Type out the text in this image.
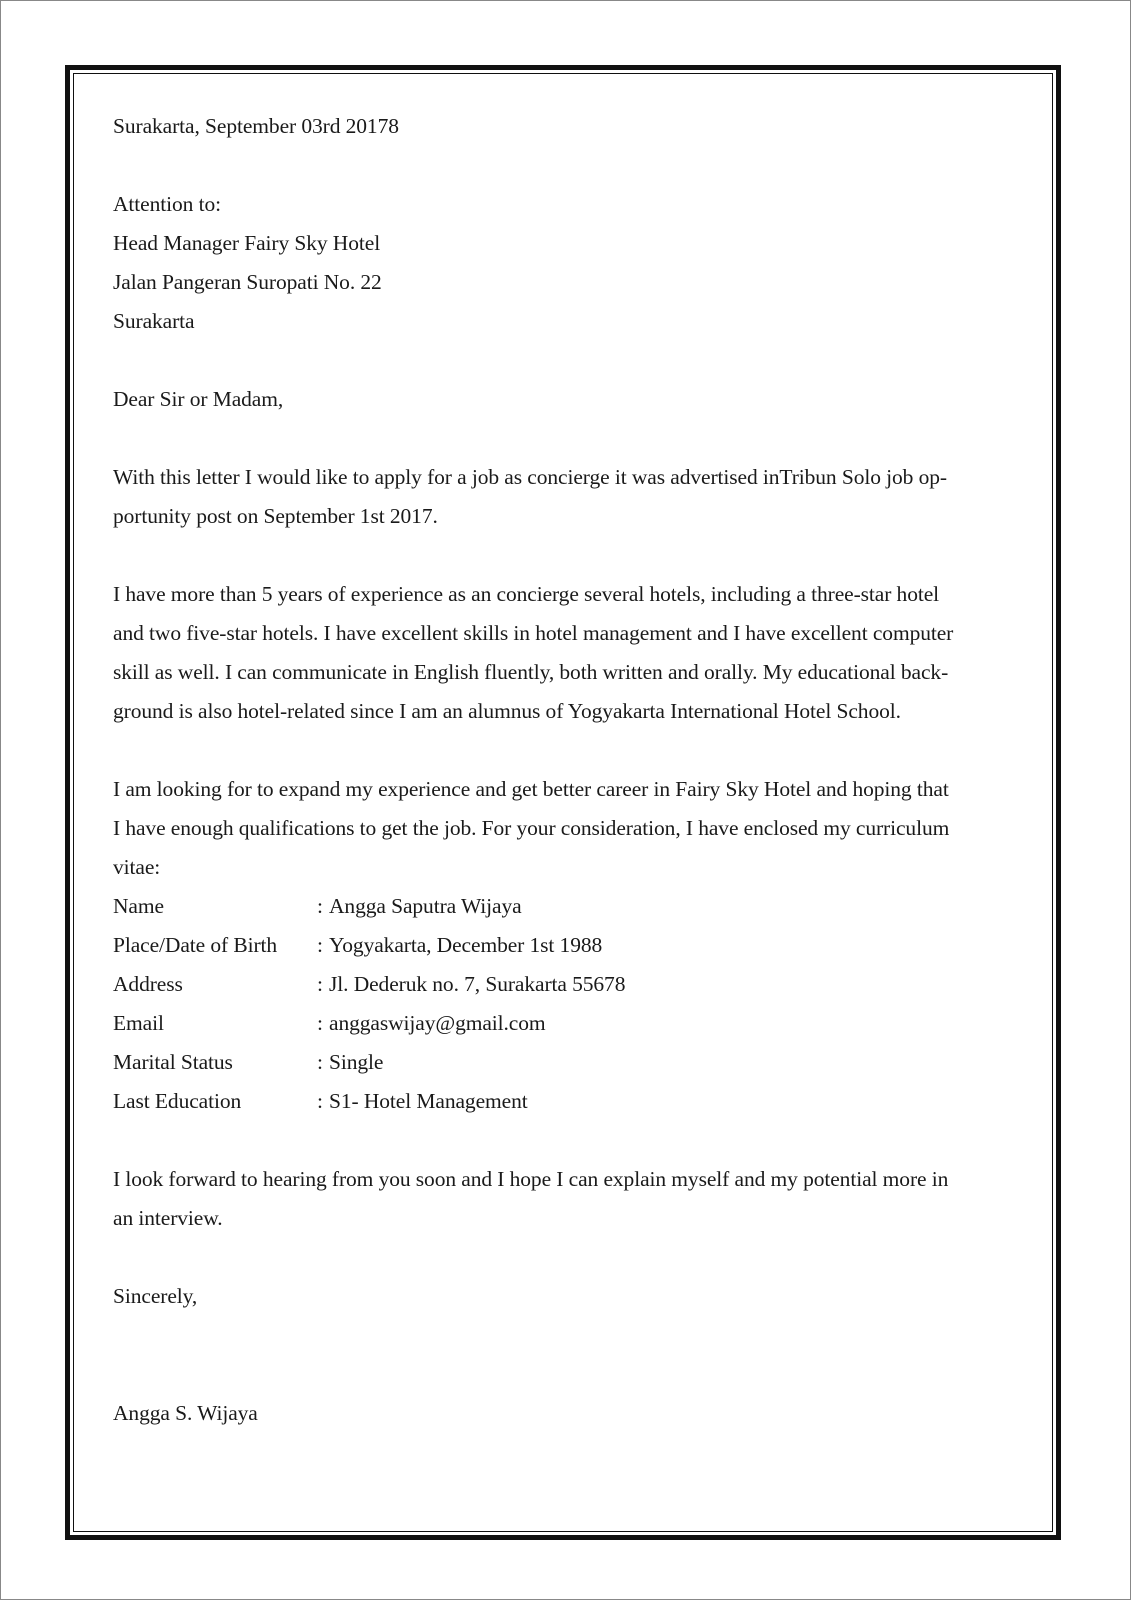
Surakarta, September 03rd 20178
Attention to:
Head Manager Fairy Sky Hotel
Jalan Pangeran Suropati No. 22
Surakarta
Dear Sir or Madam,
With this letter I would like to apply for a job as concierge it was advertised inTribun Solo job op-
portunity post on September 1st 2017.
I have more than 5 years of experience as an concierge several hotels, including a three-star hotel
and two five-star hotels. I have excellent skills in hotel management and I have excellent computer
skill as well. I can communicate in English fluently, both written and orally. My educational back-
ground is also hotel-related since I am an alumnus of Yogyakarta International Hotel School.
I am looking for to expand my experience and get better career in Fairy Sky Hotel and hoping that
I have enough qualifications to get the job. For your consideration, I have enclosed my curriculum
vitae:
Name	: Angga Saputra Wijaya
Place/Date of Birth	: Yogyakarta, December 1st 1988
Address	: Jl. Dederuk no. 7, Surakarta 55678
Email	: anggaswijay@gmail.com
Marital Status	: Single
Last Education	: S1- Hotel Management
I look forward to hearing from you soon and I hope I can explain myself and my potential more in
an interview.
Sincerely,
Angga S. Wijaya
